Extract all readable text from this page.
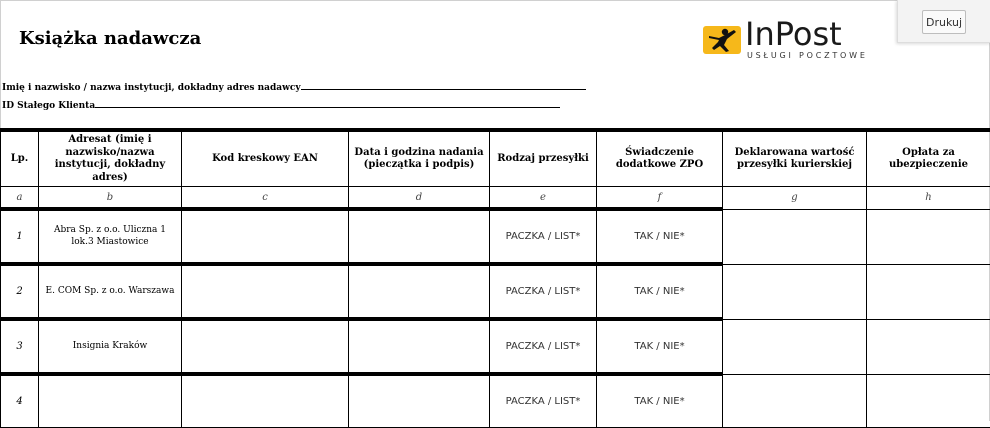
Książka nadawcza	InPost
USŁUGI POCZTOWE
Drukuj
Imię i nazwisko / nazwa instytucji, dokładny adres nadawcy
ID Stałego Klienta
Lp.	Adresat (imię i nazwisko/nazwa instytucji, dokładny adres)	Kod kreskowy EAN	Data i godzina nadania (pieczątka i podpis)	Rodzaj przesyłki	Świadczenie dodatkowe ZPO	Deklarowana wartość przesyłki kurierskiej	Opłata za ubezpieczenie
a	b	c	d	e	f	g	h
1	Abra Sp. z o.o. Uliczna 1 lok.3 Miastowice			PACZKA / LIST*	TAK / NIE*		
2	E. COM Sp. z o.o. Warszawa			PACZKA / LIST*	TAK / NIE*		
3	Insignia Kraków			PACZKA / LIST*	TAK / NIE*		
4				PACZKA / LIST*	TAK / NIE*		
